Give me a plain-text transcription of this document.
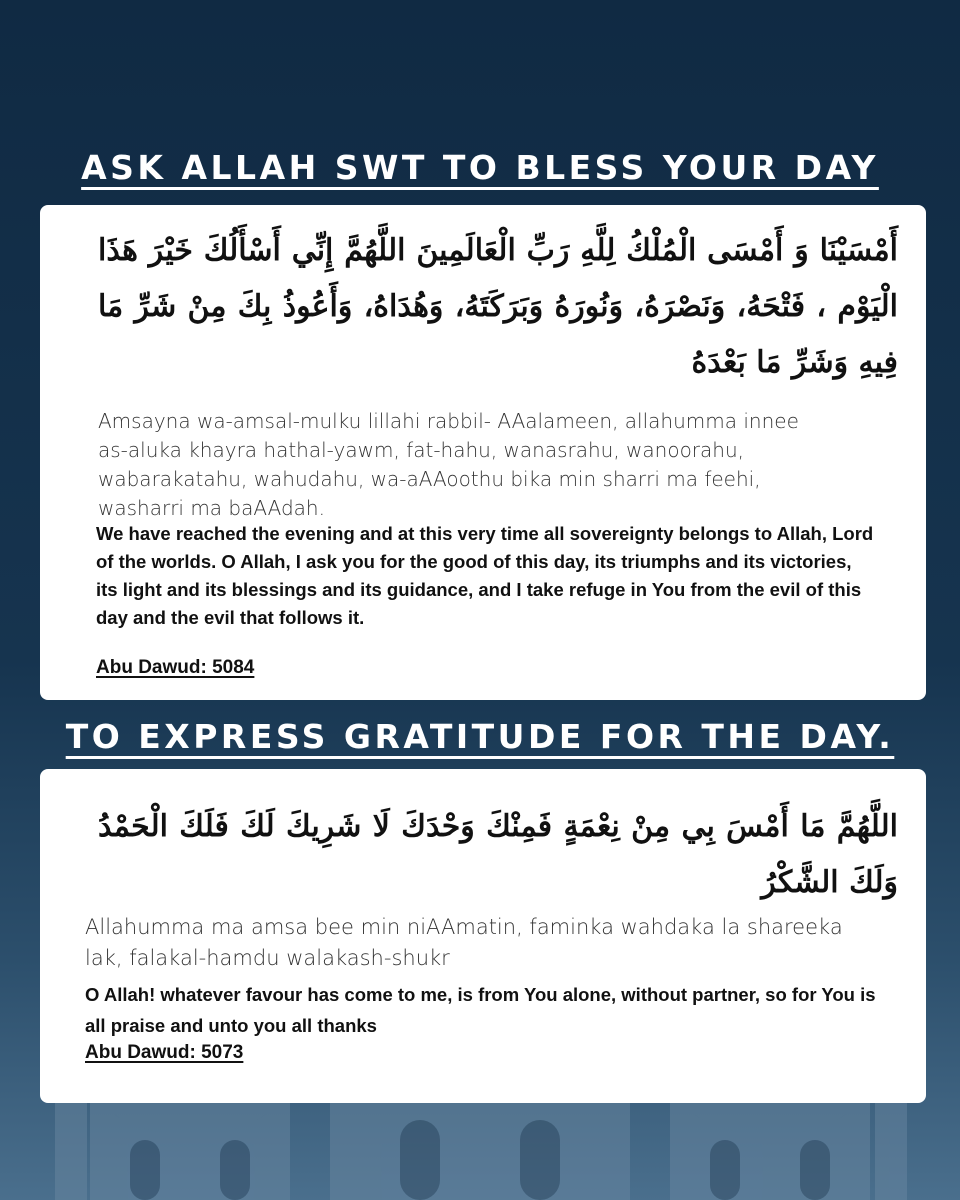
ASK ALLAH SWT TO BLESS YOUR DAY

أَمْسَيْنَا وَ أَمْسَى الْمُلْكُ لِلَّهِ رَبِّ الْعَالَمِينَ اللَّهُمَّ إِنِّي أَسْأَلُكَ خَيْرَ هَذَا الْيَوْم ، فَتْحَهُ، وَنَصْرَهُ، وَنُورَهُ وَبَرَكَتَهُ، وَهُدَاهُ، وَأَعُوذُ بِكَ مِنْ شَرِّ مَا فِيهِ وَشَرِّ مَا بَعْدَهُ

Amsayna wa-amsal-mulku lillahi rabbil- AAalameen, allahumma innee as-aluka khayra hathal-yawm, fat-hahu, wanasrahu, wanoorahu, wabarakatahu, wahudahu, wa-aAAoothu bika min sharri ma feehi, washarri ma baAAdah.

We have reached the evening and at this very time all sovereignty belongs to Allah, Lord of the worlds. O Allah, I ask you for the good of this day, its triumphs and its victories, its light and its blessings and its guidance, and I take refuge in You from the evil of this day and the evil that follows it.

Abu Dawud: 5084

TO EXPRESS GRATITUDE FOR THE DAY.

اللَّهُمَّ مَا أَمْسَ بِي مِنْ نِعْمَةٍ فَمِنْكَ وَحْدَكَ لَا شَرِيكَ لَكَ فَلَكَ الْحَمْدُ وَلَكَ الشَّكْرُ

Allahumma ma amsa bee min niAAmatin, faminka wahdaka la shareeka lak, falakal-hamdu walakash-shukr

O Allah! whatever favour has come to me, is from You alone, without partner, so for You is all praise and unto you all thanks

Abu Dawud: 5073
